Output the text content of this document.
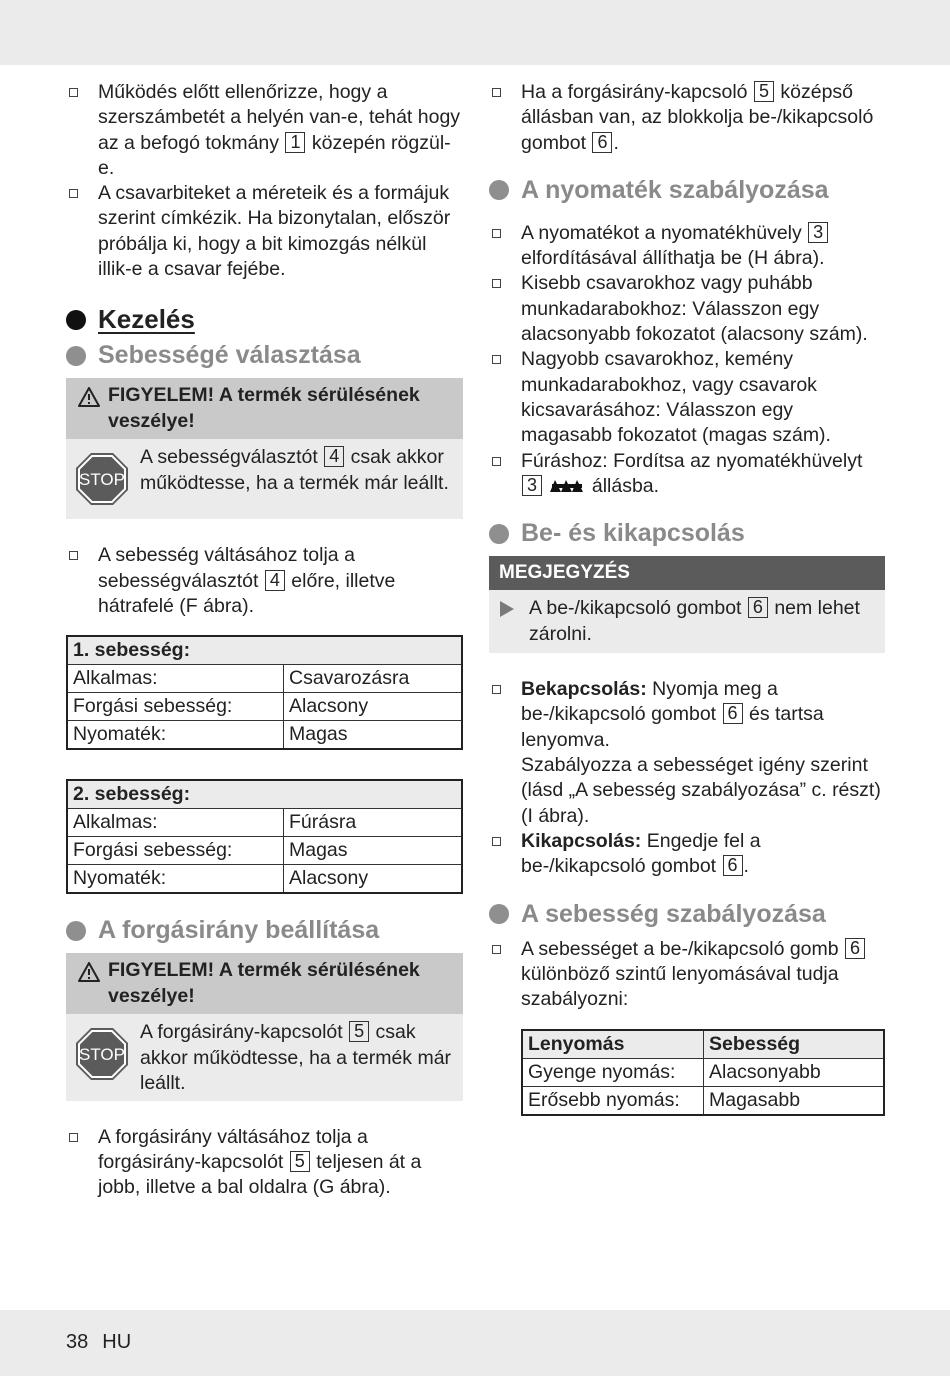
Működés előtt ellenőrizze, hogy a szerszámbetét a helyén van-e, tehát hogy az a befogó tokmány 1 közepén rögzül-e.
A csavarbiteket a méreteik és a formájuk szerint címkézik. Ha bizonytalan, először próbálja ki, hogy a bit kimozgás nélkül illik-e a csavar fejébe.
Kezelés
Sebességé választása
FIGYELEM! A termék sérülésének veszélye!
STOP
A sebességválasztót 4 csak akkor működtesse, ha a termék már leállt.
A sebesség váltásához tolja a sebességválasztót 4 előre, illetve hátrafelé (F ábra).
1. sebesség:	
Alkalmas:	Csavarozásra
Forgási sebesség:	Alacsony
Nyomaték:	Magas
2. sebesség:	
Alkalmas:	Fúrásra
Forgási sebesség:	Magas
Nyomaték:	Alacsony
A forgásirány beállítása
FIGYELEM! A termék sérülésének veszélye!
STOP
A forgásirány-kapcsolót 5 csak akkor működtesse, ha a termék már leállt.
A forgásirány váltásához tolja a forgásirány-kapcsolót 5 teljesen át a jobb, illetve a bal oldalra (G ábra).
Ha a forgásirány-kapcsoló 5 középső állásban van, az blokkolja be-/kikapcsoló gombot 6 .
A nyomaték szabályozása
A nyomatékot a nyomatékhüvely 3 elfordításával állíthatja be (H ábra).
Kisebb csavarokhoz vagy puhább munkadarabokhoz: Válasszon egy alacsonyabb fokozatot (alacsony szám).
Nagyobb csavarokhoz, kemény munkadarabokhoz, vagy csavarok kicsavarásához: Válasszon egy magasabb fokozatot (magas szám).
Fúráshoz: Fordítsa az nyomatékhüvelyt 3	állásba.
Be- és kikapcsolás
MEGJEGYZÉS
A be-/kikapcsoló gombot 6 nem lehet zárolni.
Bekapcsolás: Nyomja meg a be-/kikapcsoló gombot 6 és tartsa lenyomva.
Szabályozza a sebességet igény szerint (lásd „A sebesség szabályozása” c. részt) (I ábra).
Kikapcsolás: Engedje fel a be-/kikapcsoló gombot 6 .
A sebesség szabályozása
A sebességet a be-/kikapcsoló gomb 6 különböző szintű lenyomásával tudja szabályozni:
Lenyomás	Sebesség
Gyenge nyomás:	Alacsonyabb
Erősebb nyomás:	Magasabb
38 HU
